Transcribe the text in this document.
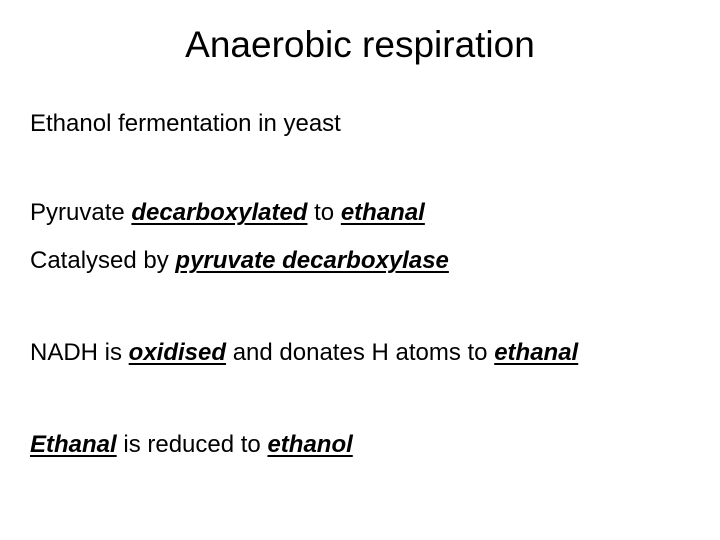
Anaerobic respiration
Ethanol fermentation in yeast
Pyruvate decarboxylated to ethanal
Catalysed by pyruvate decarboxylase
NADH is oxidised and donates H atoms to ethanal
Ethanal is reduced to ethanol
